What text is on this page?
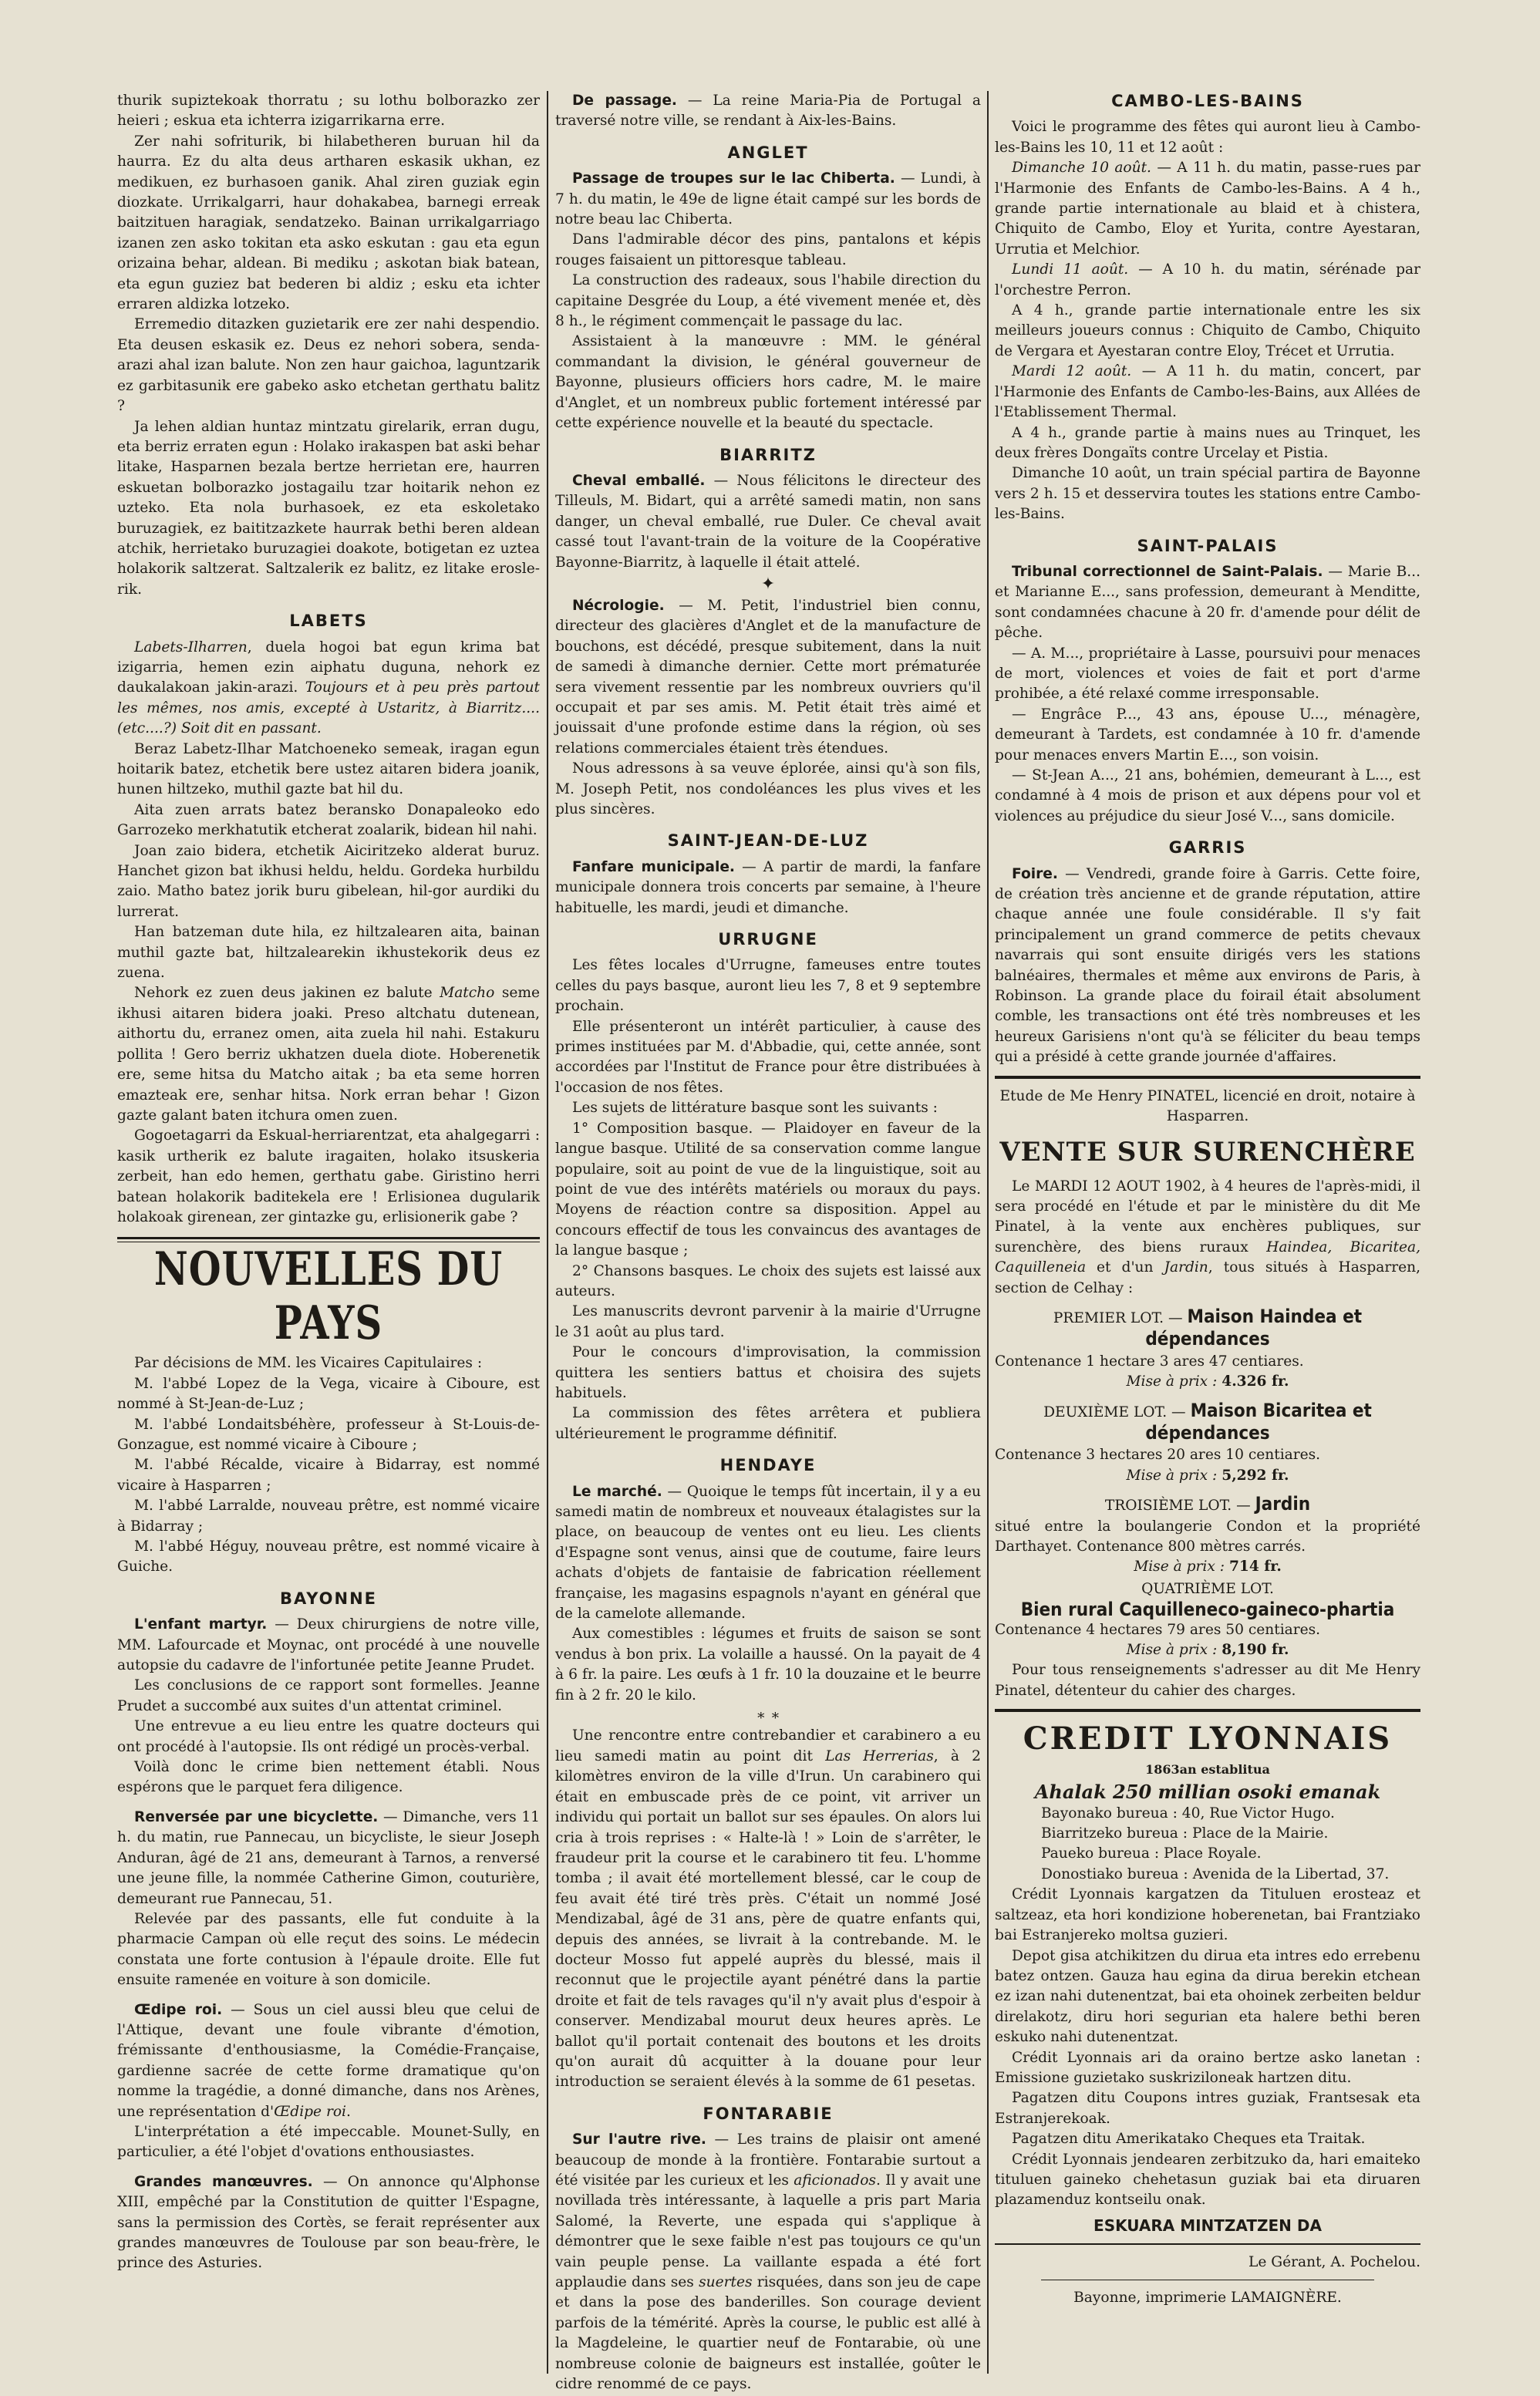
thurik supiztekoak thorratu ; su lothu bolborazko zer heieri ; eskua eta ichterra izigarrikarna erre.

Zer nahi sofriturik, bi hilabetheren buruan hil da haurra. Ez du alta deus artharen eskasik ukhan, ez medikuen, ez burhasoen ganik. Ahal ziren guziak egin diozkate. Urrikalgarri, haur dohakabea, barnegi erreak baitzituen haragiak, sendatzeko. Bainan urrikalgarriago izanen zen asko tokitan eta asko eskutan : gau eta egun orizaina behar, aldean. Bi mediku ; askotan biak batean, eta egun guziez bat bederen bi aldiz ; esku eta ichter erraren aldizka lotzeko.

Erremedio ditazken guzietarik ere zer nahi despendio. Eta deusen eskasik ez. Deus ez nehori sobera, senda-arazi ahal izan balute. Non zen haur gaichoa, laguntzarik ez garbitasunik ere gabeko asko etchetan gerthatu balitz ?

Ja lehen aldian huntaz mintzatu girelarik, erran dugu, eta berriz erraten egun : Holako irakaspen bat aski behar litake, Hasparnen bezala bertze herrietan ere, haurren eskuetan bolborazko jostagailu tzar hoitarik nehon ez uzteko. Eta nola burhasoek, ez eta eskoletako buruzagiek, ez baititzazkete haurrak bethi beren aldean atchik, herrietako buruzagiei doakote, botigetan ez uztea holakorik saltzerat. Saltzalerik ez balitz, ez litake eroslerik.

LABETS

Labets-Ilharren, duela hogoi bat egun krima bat izigarria, hemen ezin aiphatu duguna, nehork ez daukalakoan jakin-arazi. Toujours et à peu près partout les mêmes, nos amis, excepté à Ustaritz, à Biarritz.... (etc....?) Soit dit en passant.

Beraz Labetz-Ilhar Matchoeneko semeak, iragan egun hoitarik batez, etchetik bere ustez aitaren bidera joanik, hunen hiltzeko, muthil gazte bat hil du.

Aita zuen arrats batez beransko Donapaleoko edo Garrozeko merkhatutik etcherat zoalarik, bidean hil nahi.

Joan zaio bidera, etchetik Aiciritzeko alderat buruz. Hanchet gizon bat ikhusi heldu, heldu. Gordeka hurbildu zaio. Matho batez jorik buru gibelean, hil-gor aurdiki du lurrerat.

Han batzeman dute hila, ez hiltzalearen aita, bainan muthil gazte bat, hiltzalearekin ikhustekorik deus ez zuena.

Nehork ez zuen deus jakinen ez balute Matcho seme ikhusi aitaren bidera joaki. Preso altchatu dutenean, aithortu du, erranez omen, aita zuela hil nahi. Estakuru pollita ! Gero berriz ukhatzen duela diote. Hoberenetik ere, seme hitsa du Matcho aitak ; ba eta seme horren emazteak ere, senhar hitsa. Nork erran behar ! Gizon gazte galant baten itchura omen zuen.

Gogoetagarri da Eskual-herriarentzat, eta ahalgegarri : kasik urtherik ez balute iragaiten, holako itsuskeria zerbeit, han edo hemen, gerthatu gabe. Giristino herri batean holakorik baditekela ere ! Erlisionea dugularik holakoak girenean, zer gintazke gu, erlisionerik gabe ?

NOUVELLES DU PAYS

Par décisions de MM. les Vicaires Capitulaires :

M. l'abbé Lopez de la Vega, vicaire à Ciboure, est nommé à St-Jean-de-Luz ;

M. l'abbé Londaitsbéhère, professeur à St-Louis-de-Gonzague, est nommé vicaire à Ciboure ;

M. l'abbé Récalde, vicaire à Bidarray, est nommé vicaire à Hasparren ;

M. l'abbé Larralde, nouveau prêtre, est nommé vicaire à Bidarray ;

M. l'abbé Héguy, nouveau prêtre, est nommé vicaire à Guiche.

BAYONNE

L'enfant martyr. — Deux chirurgiens de notre ville, MM. Lafourcade et Moynac, ont procédé à une nouvelle autopsie du cadavre de l'infortunée petite Jeanne Prudet.

Les conclusions de ce rapport sont formelles. Jeanne Prudet a succombé aux suites d'un attentat criminel.

Une entrevue a eu lieu entre les quatre docteurs qui ont procédé à l'autopsie. Ils ont rédigé un procès-verbal.

Voilà donc le crime bien nettement établi. Nous espérons que le parquet fera diligence.

Renversée par une bicyclette. — Dimanche, vers 11 h. du matin, rue Pannecau, un bicycliste, le sieur Joseph Anduran, âgé de 21 ans, demeurant à Tarnos, a renversé une jeune fille, la nommée Catherine Gimon, couturière, demeurant rue Pannecau, 51.

Relevée par des passants, elle fut conduite à la pharmacie Campan où elle reçut des soins. Le médecin constata une forte contusion à l'épaule droite. Elle fut ensuite ramenée en voiture à son domicile.

Œdipe roi. — Sous un ciel aussi bleu que celui de l'Attique, devant une foule vibrante d'émotion, frémissante d'enthousiasme, la Comédie-Française, gardienne sacrée de cette forme dramatique qu'on nomme la tragédie, a donné dimanche, dans nos Arènes, une représentation d'Œdipe roi.

L'interprétation a été impeccable. Mounet-Sully, en particulier, a été l'objet d'ovations enthousiastes.

Grandes manœuvres. — On annonce qu'Alphonse XIII, empêché par la Constitution de quitter l'Espagne, sans la permission des Cortès, se ferait représenter aux grandes manœuvres de Toulouse par son beau-frère, le prince des Asturies.

De passage. — La reine Maria-Pia de Portugal a traversé notre ville, se rendant à Aix-les-Bains.

ANGLET

Passage de troupes sur le lac Chiberta. — Lundi, à 7 h. du matin, le 49e de ligne était campé sur les bords de notre beau lac Chiberta.

Dans l'admirable décor des pins, pantalons et képis rouges faisaient un pittoresque tableau.

La construction des radeaux, sous l'habile direction du capitaine Desgrée du Loup, a été vivement menée et, dès 8 h., le régiment commençait le passage du lac.

Assistaient à la manœuvre : MM. le général commandant la division, le général gouverneur de Bayonne, plusieurs officiers hors cadre, M. le maire d'Anglet, et un nombreux public fortement intéressé par cette expérience nouvelle et la beauté du spectacle.

BIARRITZ

Cheval emballé. — Nous félicitons le directeur des Tilleuls, M. Bidart, qui a arrêté samedi matin, non sans danger, un cheval emballé, rue Duler. Ce cheval avait cassé tout l'avant-train de la voiture de la Coopérative Bayonne-Biarritz, à laquelle il était attelé.

✦

Nécrologie. — M. Petit, l'industriel bien connu, directeur des glacières d'Anglet et de la manufacture de bouchons, est décédé, presque subitement, dans la nuit de samedi à dimanche dernier. Cette mort prématurée sera vivement ressentie par les nombreux ouvriers qu'il occupait et par ses amis. M. Petit était très aimé et jouissait d'une profonde estime dans la région, où ses relations commerciales étaient très étendues.

Nous adressons à sa veuve éplorée, ainsi qu'à son fils, M. Joseph Petit, nos condoléances les plus vives et les plus sincères.

SAINT-JEAN-DE-LUZ

Fanfare municipale. — A partir de mardi, la fanfare municipale donnera trois concerts par semaine, à l'heure habituelle, les mardi, jeudi et dimanche.

URRUGNE

Les fêtes locales d'Urrugne, fameuses entre toutes celles du pays basque, auront lieu les 7, 8 et 9 septembre prochain.

Elle présenteront un intérêt particulier, à cause des primes instituées par M. d'Abbadie, qui, cette année, sont accordées par l'Institut de France pour être distribuées à l'occasion de nos fêtes.

Les sujets de littérature basque sont les suivants :

1° Composition basque. — Plaidoyer en faveur de la langue basque. Utilité de sa conservation comme langue populaire, soit au point de vue de la linguistique, soit au point de vue des intérêts matériels ou moraux du pays. Moyens de réaction contre sa disposition. Appel au concours effectif de tous les convaincus des avantages de la langue basque ;

2° Chansons basques. Le choix des sujets est laissé aux auteurs.

Les manuscrits devront parvenir à la mairie d'Urrugne le 31 août au plus tard.

Pour le concours d'improvisation, la commission quittera les sentiers battus et choisira des sujets habituels.

La commission des fêtes arrêtera et publiera ultérieurement le programme définitif.

HENDAYE

Le marché. — Quoique le temps fût incertain, il y a eu samedi matin de nombreux et nouveaux étalagistes sur la place, on beaucoup de ventes ont eu lieu. Les clients d'Espagne sont venus, ainsi que de coutume, faire leurs achats d'objets de fantaisie de fabrication réellement française, les magasins espagnols n'ayant en général que de la camelote allemande.

Aux comestibles : légumes et fruits de saison se sont vendus à bon prix. La volaille a haussé. On la payait de 4 à 6 fr. la paire. Les œufs à 1 fr. 10 la douzaine et le beurre fin à 2 fr. 20 le kilo.

∗ ∗

Une rencontre entre contrebandier et carabinero a eu lieu samedi matin au point dit Las Herrerias, à 2 kilomètres environ de la ville d'Irun. Un carabinero qui était en embuscade près de ce point, vit arriver un individu qui portait un ballot sur ses épaules. On alors lui cria à trois reprises : « Halte-là ! » Loin de s'arrêter, le fraudeur prit la course et le carabinero tit feu. L'homme tomba ; il avait été mortellement blessé, car le coup de feu avait été tiré très près. C'était un nommé José Mendizabal, âgé de 31 ans, père de quatre enfants qui, depuis des années, se livrait à la contrebande. M. le docteur Mosso fut appelé auprès du blessé, mais il reconnut que le projectile ayant pénétré dans la partie droite et fait de tels ravages qu'il n'y avait plus d'espoir à conserver. Mendizabal mourut deux heures après. Le ballot qu'il portait contenait des boutons et les droits qu'on aurait dû acquitter à la douane pour leur introduction se seraient élevés à la somme de 61 pesetas.

FONTARABIE

Sur l'autre rive. — Les trains de plaisir ont amené beaucoup de monde à la frontière. Fontarabie surtout a été visitée par les curieux et les aficionados. Il y avait une novillada très intéressante, à laquelle a pris part Maria Salomé, la Reverte, une espada qui s'applique à démontrer que le sexe faible n'est pas toujours ce qu'un vain peuple pense. La vaillante espada a été fort applaudie dans ses suertes risquées, dans son jeu de cape et dans la pose des banderilles. Son courage devient parfois de la témérité. Après la course, le public est allé à la Magdeleine, le quartier neuf de Fontarabie, où une nombreuse colonie de baigneurs est installée, goûter le cidre renommé de ce pays.

CAMBO-LES-BAINS

Voici le programme des fêtes qui auront lieu à Cambo-les-Bains les 10, 11 et 12 août :

Dimanche 10 août. — A 11 h. du matin, passe-rues par l'Harmonie des Enfants de Cambo-les-Bains. A 4 h., grande partie internationale au blaid et à chistera, Chiquito de Cambo, Eloy et Yurita, contre Ayestaran, Urrutia et Melchior.

Lundi 11 août. — A 10 h. du matin, sérénade par l'orchestre Perron.

A 4 h., grande partie internationale entre les six meilleurs joueurs connus : Chiquito de Cambo, Chiquito de Vergara et Ayestaran contre Eloy, Trécet et Urrutia.

Mardi 12 août. — A 11 h. du matin, concert, par l'Harmonie des Enfants de Cambo-les-Bains, aux Allées de l'Etablissement Thermal.

A 4 h., grande partie à mains nues au Trinquet, les deux frères Dongaïts contre Urcelay et Pistia.

Dimanche 10 août, un train spécial partira de Bayonne vers 2 h. 15 et desservira toutes les stations entre Cambo-les-Bains.

SAINT-PALAIS

Tribunal correctionnel de Saint-Palais. — Marie B... et Marianne E..., sans profession, demeurant à Menditte, sont condamnées chacune à 20 fr. d'amende pour délit de pêche.

— A. M..., propriétaire à Lasse, poursuivi pour menaces de mort, violences et voies de fait et port d'arme prohibée, a été relaxé comme irresponsable.

— Engrâce P..., 43 ans, épouse U..., ménagère, demeurant à Tardets, est condamnée à 10 fr. d'amende pour menaces envers Martin E..., son voisin.

— St-Jean A..., 21 ans, bohémien, demeurant à L..., est condamné à 4 mois de prison et aux dépens pour vol et violences au préjudice du sieur José V..., sans domicile.

GARRIS

Foire. — Vendredi, grande foire à Garris. Cette foire, de création très ancienne et de grande réputation, attire chaque année une foule considérable. Il s'y fait principalement un grand commerce de petits chevaux navarrais qui sont ensuite dirigés vers les stations balnéaires, thermales et même aux environs de Paris, à Robinson. La grande place du foirail était absolument comble, les transactions ont été très nombreuses et les heureux Garisiens n'ont qu'à se féliciter du beau temps qui a présidé à cette grande journée d'affaires.

Etude de Me Henry PINATEL, licencié en droit, notaire à Hasparren.

VENTE SUR SURENCHÈRE

Le MARDI 12 AOUT 1902, à 4 heures de l'après-midi, il sera procédé en l'étude et par le ministère du dit Me Pinatel, à la vente aux enchères publiques, sur surenchère, des biens ruraux Haindea, Bicaritea, Caquilleneia et d'un Jardin, tous situés à Hasparren, section de Celhay :

PREMIER LOT. — Maison Haindea et dépendances

Contenance 1 hectare 3 ares 47 centiares.

Mise à prix : 4.326 fr.
DEUXIÈME LOT. — Maison Bicaritea et dépendances

Contenance 3 hectares 20 ares 10 centiares.

Mise à prix : 5,292 fr.
TROISIÈME LOT. — Jardin

situé entre la boulangerie Condon et la propriété Darthayet. Contenance 800 mètres carrés.

Mise à prix : 714 fr.
QUATRIÈME LOT.
Bien rural Caquilleneco-gaineco-phartia

Contenance 4 hectares 79 ares 50 centiares.

Mise à prix : 8,190 fr.

Pour tous renseignements s'adresser au dit Me Henry Pinatel, détenteur du cahier des charges.

CREDIT LYONNAIS
1863an establitua
Ahalak 250 millian osoki emanak

Bayonako bureua : 40, Rue Victor Hugo.

Biarritzeko bureua : Place de la Mairie.

Paueko bureua : Place Royale.

Donostiako bureua : Avenida de la Libertad, 37.

Crédit Lyonnais kargatzen da Tituluen erosteaz et saltzeaz, eta hori kondizione hoberenetan, bai Frantziako bai Estranjereko moltsa guzieri.

Depot gisa atchikitzen du dirua eta intres edo errebenu batez ontzen. Gauza hau egina da dirua berekin etchean ez izan nahi dutenentzat, bai eta ohoinek zerbeiten beldur direlakotz, diru hori segurian eta halere bethi beren eskuko nahi dutenentzat.

Crédit Lyonnais ari da oraino bertze asko lanetan : Emissione guzietako suskriziloneak hartzen ditu.

Pagatzen ditu Coupons intres guziak, Frantsesak eta Estranjerekoak.

Pagatzen ditu Amerikatako Cheques eta Traitak.

Crédit Lyonnais jendearen zerbitzuko da, hari emaiteko tituluen gaineko chehetasun guziak bai eta diruaren plazamenduz kontseilu onak.

ESKUARA MINTZATZEN DA

Le Gérant, A. Pochelou.

Bayonne, imprimerie LAMAIGNÈRE.
